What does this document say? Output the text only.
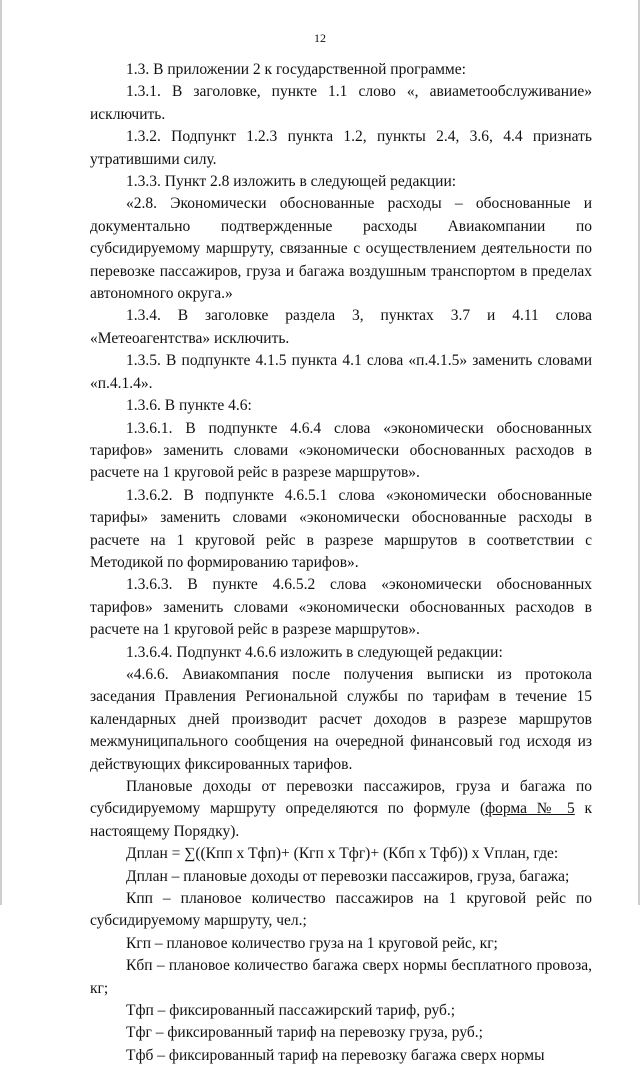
12

1.3. В приложении 2 к государственной программе:

1.3.1. В заголовке, пункте 1.1 слово «, авиаметообслуживание» исключить.

1.3.2. Подпункт 1.2.3 пункта 1.2, пункты 2.4, 3.6, 4.4 признать утратившими силу.

1.3.3. Пункт 2.8 изложить в следующей редакции:

«2.8. Экономически обоснованные расходы – обоснованные и документально подтвержденные расходы Авиакомпании по субсидируемому маршруту, связанные с осуществлением деятельности по перевозке пассажиров, груза и багажа воздушным транспортом в пределах автономного округа.»

1.3.4. В заголовке раздела 3, пунктах 3.7 и 4.11 слова «Метеоагентства» исключить.

1.3.5. В подпункте 4.1.5 пункта 4.1 слова «п.4.1.5» заменить словами «п.4.1.4».

1.3.6. В пункте 4.6:

1.3.6.1. В подпункте 4.6.4 слова «экономически обоснованных тарифов» заменить словами «экономически обоснованных расходов в расчете на 1 круговой рейс в разрезе маршрутов».

1.3.6.2. В подпункте 4.6.5.1 слова «экономически обоснованные тарифы» заменить словами «экономически обоснованные расходы в расчете на 1 круговой рейс в разрезе маршрутов в соответствии с Методикой по формированию тарифов».

1.3.6.3. В пункте 4.6.5.2 слова «экономически обоснованных тарифов» заменить словами «экономически обоснованных расходов в расчете на 1 круговой рейс в разрезе маршрутов».

1.3.6.4. Подпункт 4.6.6 изложить в следующей редакции:

«4.6.6. Авиакомпания после получения выписки из протокола заседания Правления Региональной службы по тарифам в течение 15 календарных дней производит расчет доходов в разрезе маршрутов межмуниципального сообщения на очередной финансовый год исходя из действующих фиксированных тарифов.

Плановые доходы от перевозки пассажиров, груза и багажа по субсидируемому маршруту определяются по формуле (форма № 5 к настоящему Порядку).

Дплан = ∑((Кпп х Тфп)+ (Кгп х Тфг)+ (Кбп х Тфб)) х Vплан, где:

Дплан – плановые доходы от перевозки пассажиров, груза, багажа;

Кпп – плановое количество пассажиров на 1 круговой рейс по субсидируемому маршруту, чел.;

Кгп – плановое количество груза на 1 круговой рейс, кг;

Кбп – плановое количество багажа сверх нормы бесплатного провоза, кг;

Тфп – фиксированный пассажирский тариф, руб.;

Тфг – фиксированный тариф на перевозку груза, руб.;

Тфб – фиксированный тариф на перевозку багажа сверх нормы
